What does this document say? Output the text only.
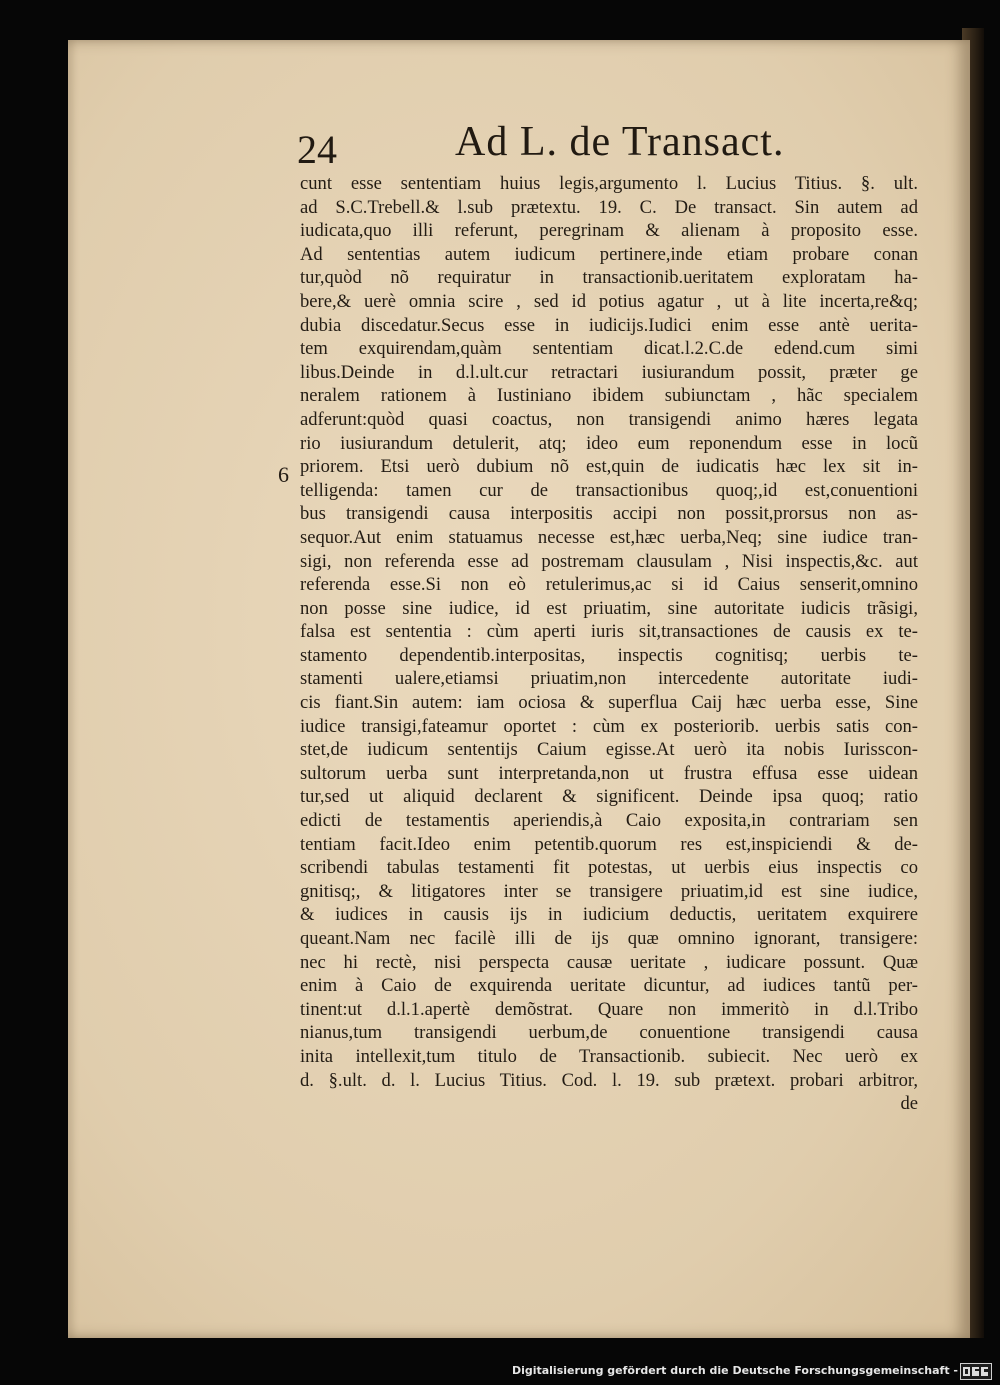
24	Ad L. de Transact.
6
cunt esse sententiam huius legis,argumento l. Lucius Titius. §. ult.
ad S.C.Trebell.& l.sub prætextu. 19. C. De transact. Sin autem ad
iudicata,quo illi referunt, peregrinam & alienam à proposito esse.
Ad sententias autem iudicum pertinere,inde etiam probare conan
tur,quòd nõ requiratur in transactionib.ueritatem exploratam ha-
bere,& uerè omnia scire , sed id potius agatur , ut à lite incerta,re&q;
dubia discedatur.Secus esse in iudicijs.Iudici enim esse antè ueritа-
tem exquirendam,quàm sententiam dicat.l.2.C.de edend.cum simi
libus.Deinde in d.l.ult.cur retractari iusiurandum possit, præter ge
neralem rationem à Iustiniano ibidem subiunctam , hãc specialem
adferunt:quòd quasi coactus, non transigendi animo hæres legata
rio iusiurandum detulerit, atq; ideo eum reponendum esse in locũ
priorem. Etsi uerò dubium nõ est,quin de iudicatis hæc lex sit in-
telligenda: tamen cur de transactionibus quoq;,id est,conuentioni
bus transigendi causa interpositis accipi non possit,prorsus non as-
sequor.Aut enim statuamus necesse est,hæc uerba,Neq; sine iudice tran-
sigi, non referenda esse ad postremam clausulam , Nisi inspectis,&c. aut
referenda esse.Si non eò retulerimus,ac si id Caius senserit,omnino
non posse sine iudice, id est priuatim, sine autoritate iudicis trãsigi,
falsa est sententia : cùm aperti iuris sit,transactiones de causis ex te-
stamento dependentib.interpositas, inspectis cognitisq; uerbis te-
stamenti ualere,etiamsi priuatim,non intercedente autoritate iudi-
cis fiant.Sin autem: iam ociosa & superflua Caij hæc uerba esse, Sine
iudice transigi,fateamur oportet : cùm ex posteriorib. uerbis satis con-
stet,de iudicum sententijs Caium egisse.At uerò ita nobis Iurisscon-
sultorum uerba sunt interpretanda,non ut frustra effusa esse uidean
tur,sed ut aliquid declarent & significent. Deinde ipsa quoq; ratio
edicti de testamentis aperiendis,à Caio exposita,in contrariam sen
tentiam facit.Ideo enim petentib.quorum res est,inspiciendi & de-
scribendi tabulas testamenti fit potestas, ut uerbis eius inspectis co
gnitisq;, & litigatores inter se transigere priuatim,id est sine iudice,
& iudices in causis ijs in iudicium deductis, ueritatem exquirere
queant.Nam nec facilè illi de ijs quæ omnino ignorant, transigere:
nec hi rectè, nisi perspecta causæ ueritate , iudicare possunt. Quæ
enim à Caio de exquirenda ueritate dicuntur, ad iudices tantũ per-
tinent:ut d.l.1.apertè demõstrat. Quare non immeritò in d.l.Tribo
nianus,tum transigendi uerbum,de conuentione transigendi causa
inita intellexit,tum titulo de Transactionib. subiecit. Nec uerò ex
d. §.ult. d. l. Lucius Titius. Cod. l. 19. sub prætext. probari arbitror,
de
Digitalisierung gefördert durch die Deutsche Forschungsgemeinschaft -
